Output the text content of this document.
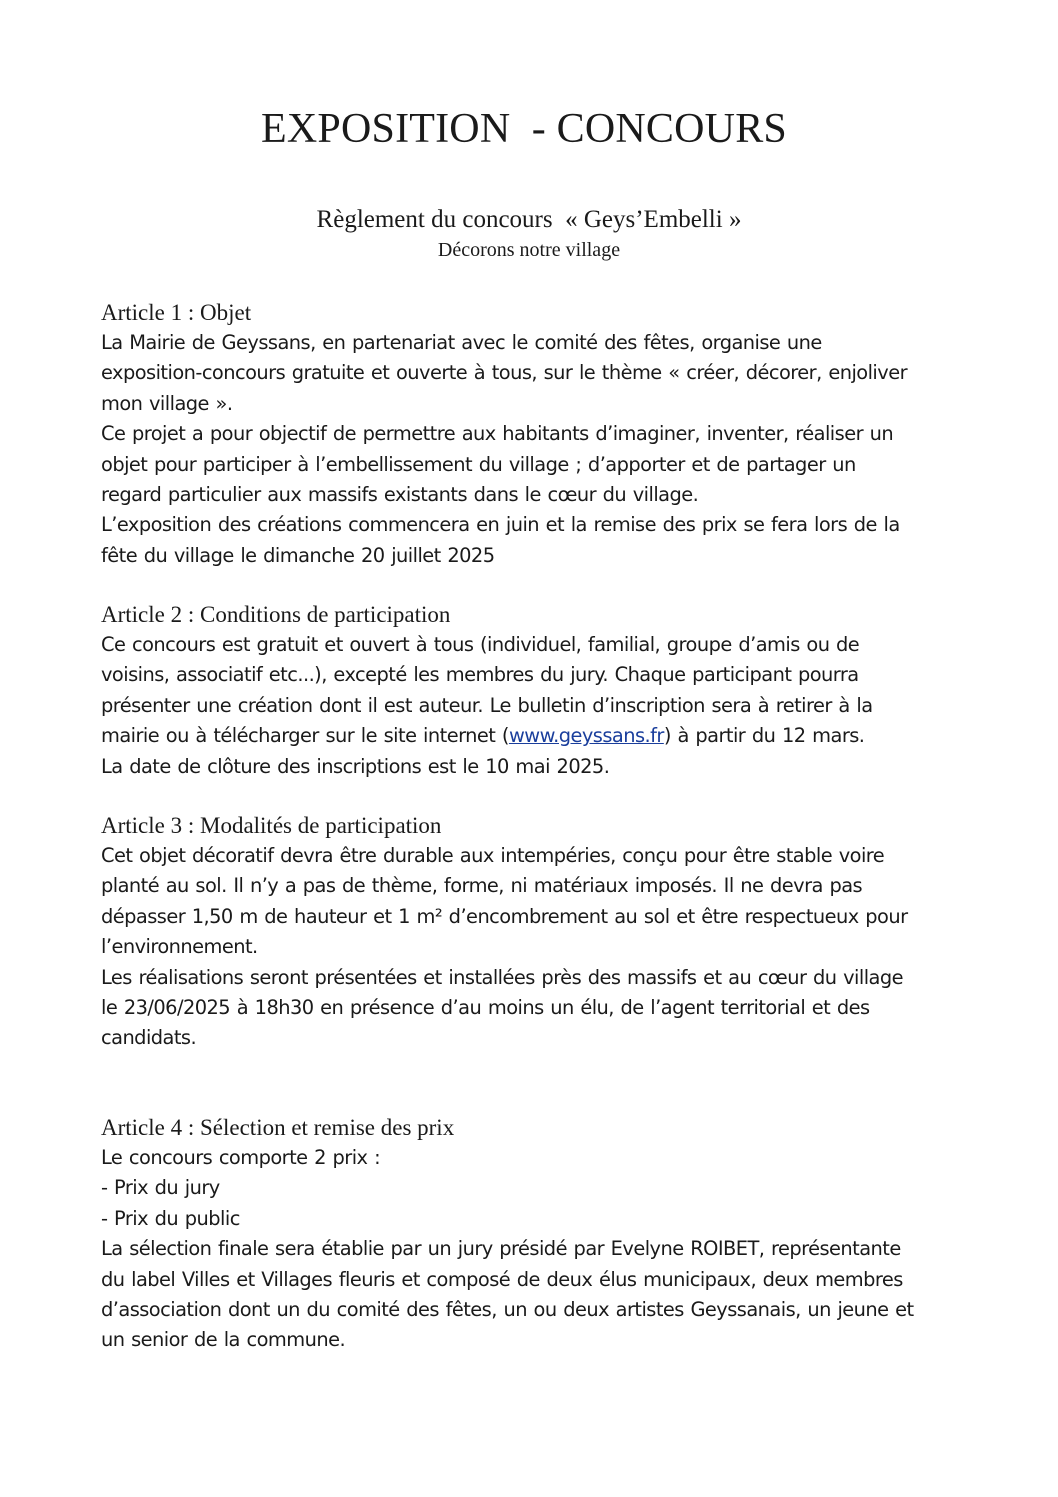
EXPOSITION  - CONCOURS
Règlement du concours  « Geys’Embelli »
Décorons notre village
Article 1 : Objet
La Mairie de Geyssans, en partenariat avec le comité des fêtes, organise une
exposition-concours gratuite et ouverte à tous, sur le thème « créer, décorer, enjoliver
mon village ».
Ce projet a pour objectif de permettre aux habitants d’imaginer, inventer, réaliser un
objet pour participer à l’embellissement du village ; d’apporter et de partager un
regard particulier aux massifs existants dans le cœur du village.
L’exposition des créations commencera en juin et la remise des prix se fera lors de la
fête du village le dimanche 20 juillet 2025
Article 2 : Conditions de participation
Ce concours est gratuit et ouvert à tous (individuel, familial, groupe d’amis ou de
voisins, associatif etc...), excepté les membres du jury. Chaque participant pourra
présenter une création dont il est auteur. Le bulletin d’inscription sera à retirer à la
mairie ou à télécharger sur le site internet (www.geyssans.fr) à partir du 12 mars.
La date de clôture des inscriptions est le 10 mai 2025.
Article 3 : Modalités de participation
Cet objet décoratif devra être durable aux intempéries, conçu pour être stable voire
planté au sol. Il n’y a pas de thème, forme, ni matériaux imposés. Il ne devra pas
dépasser 1,50 m de hauteur et 1 m² d’encombrement au sol et être respectueux pour
l’environnement.
Les réalisations seront présentées et installées près des massifs et au cœur du village
le 23/06/2025 à 18h30 en présence d’au moins un élu, de l’agent territorial et des
candidats.
Article 4 : Sélection et remise des prix
Le concours comporte 2 prix :
- Prix du jury
- Prix du public
La sélection finale sera établie par un jury présidé par Evelyne ROIBET, représentante
du label Villes et Villages fleuris et composé de deux élus municipaux, deux membres
d’association dont un du comité des fêtes, un ou deux artistes Geyssanais, un jeune et
un senior de la commune.
